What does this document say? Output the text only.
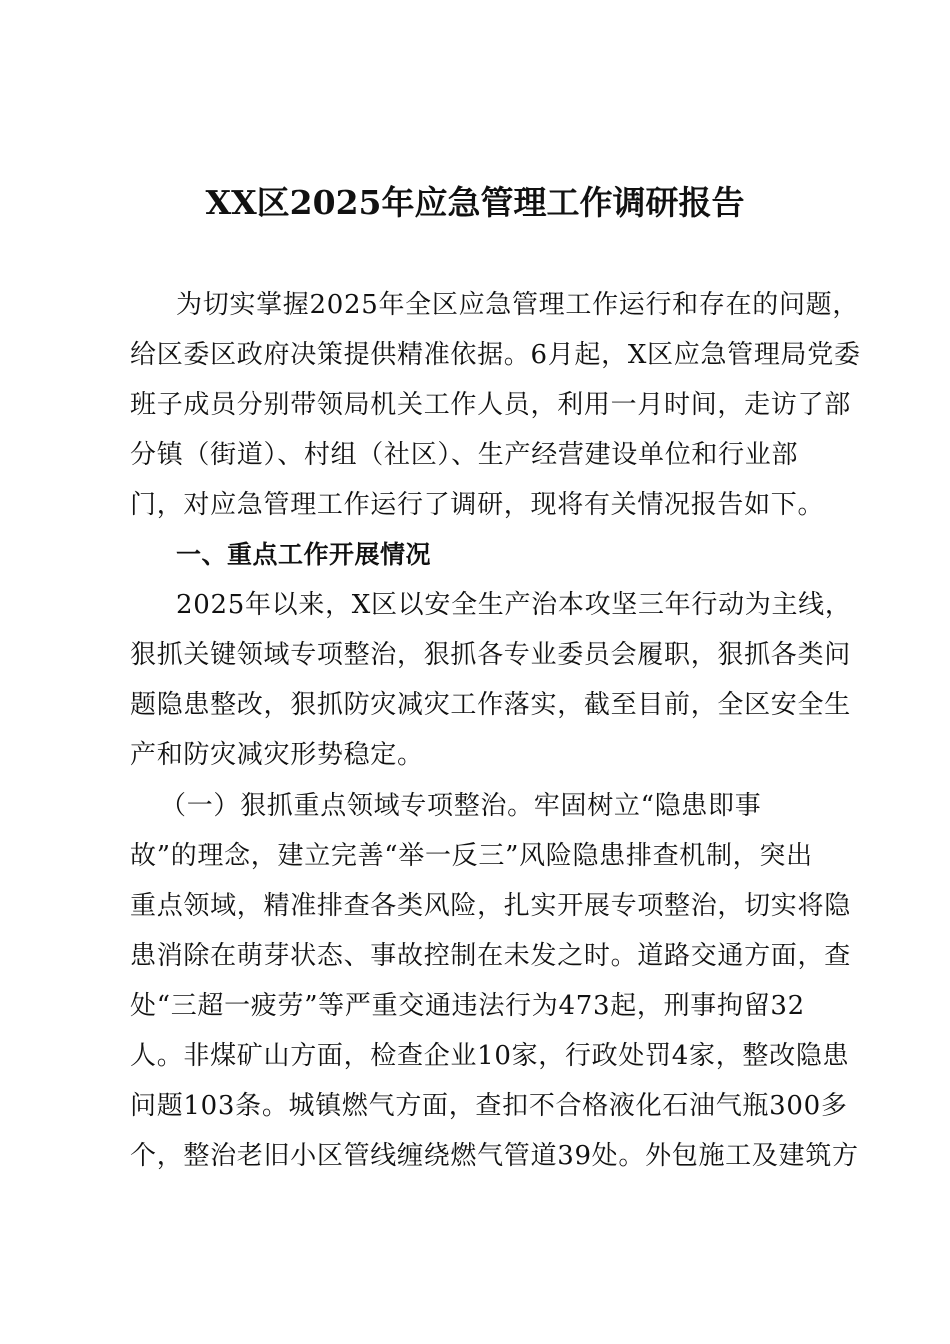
XX区2025年应急管理工作调研报告
为切实掌握2025年全区应急管理工作运行和存在的问题，
给区委区政府决策提供精准依据。6月起，X区应急管理局党委
班子成员分别带领局机关工作人员，利用一月时间，走访了部
分镇（街道）、村组（社区）、生产经营建设单位和行业部
门，对应急管理工作运行了调研，现将有关情况报告如下。
一、重点工作开展情况
2025年以来，X区以安全生产治本攻坚三年行动为主线，
狠抓关键领域专项整治，狠抓各专业委员会履职，狠抓各类问
题隐患整改，狠抓防灾减灾工作落实，截至目前，全区安全生
产和防灾减灾形势稳定。
（一）狠抓重点领域专项整治。牢固树立“隐患即事
故”的理念，建立完善“举一反三”风险隐患排查机制，突出
重点领域，精准排查各类风险，扎实开展专项整治，切实将隐
患消除在萌芽状态、事故控制在未发之时。道路交通方面，查
处“三超一疲劳”等严重交通违法行为473起，刑事拘留32
人。非煤矿山方面，检查企业10家，行政处罚4家，整改隐患
问题103条。城镇燃气方面，查扣不合格液化石油气瓶300多
个，整治老旧小区管线缠绕燃气管道39处。外包施工及建筑方
